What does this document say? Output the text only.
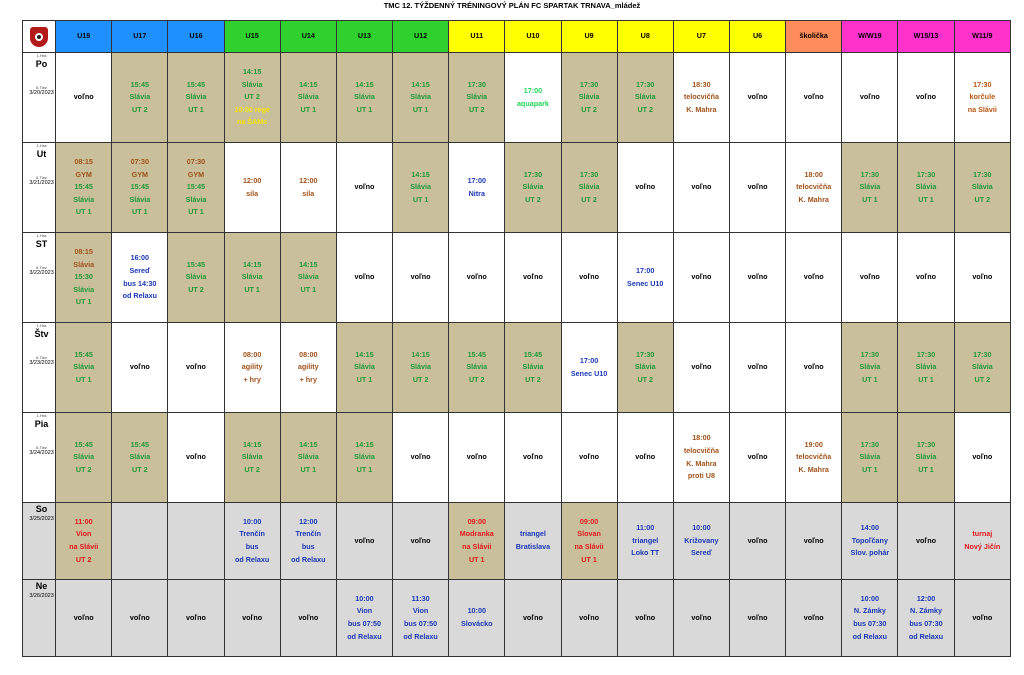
TMC 12. TÝŽDENNÝ TRÉNINGOVÝ PLÁN FC SPARTAK TRNAVA_mládež
	U19	U17	U16	U15	U14	U13	U12	U11	U10	U9	U8	U7	U6	školička	W/W19	W15/13	W11/9

1.Hra
Po
6.Tiez
3/20/2023	voľno	15:45
Slávia
UT 2	15:45
Slávia
UT 1	14:15
Slávia
UT 2
10:00 rege
na ŠAMs	14:15
Slávia
UT 1	14:15
Slávia
UT 1	14:15
Slávia
UT 1	17:30
Slávia
UT 2	17:00
aquapark	17:30
Slávia
UT 2	17:30
Slávia
UT 2	18:30
telocvičňa
K. Mahra	voľno	voľno	voľno	voľno	17:30
korčule
na Slávii

1.Hra
Ut
6.Tiez
3/21/2023	08:15
GYM
15:45
Slávia
UT 1	07:30
GYM
15:45
Slávia
UT 1	07:30
GYM
15:45
Slávia
UT 1	12:00
sila	12:00
sila	voľno	14:15
Slávia
UT 1	17:00
Nitra	17:30
Slávia
UT 2	17:30
Slávia
UT 2	voľno	voľno	voľno	18:00
telocvičňa
K. Mahra	17:30
Slávia
UT 1	17:30
Slávia
UT 1	17:30
Slávia
UT 2

1.Hra
ST
6.Tiez
3/22/2023	08:15
Slávia
15:30
Slávia
UT 1	16:00
Sereď
bus 14:30
od Relaxu	15:45
Slávia
UT 2	14:15
Slávia
UT 1	14:15
Slávia
UT 1	voľno	voľno	voľno	voľno	voľno	17:00
Senec U10	voľno	voľno	voľno	voľno	voľno	voľno

1.Hra
Štv
6.Tiez
3/23/2023	15:45
Slávia
UT 1	voľno	voľno	08:00
agility
+ hry	08:00
agility
+ hry	14:15
Slávia
UT 1	14:15
Slávia
UT 2	15:45
Slávia
UT 2	15:45
Slávia
UT 2	17:00
Senec U10	17:30
Slávia
UT 2	voľno	voľno	voľno	17:30
Slávia
UT 1	17:30
Slávia
UT 1	17:30
Slávia
UT 2

1.Hra
Pia
6.Tiez
3/24/2023	15:45
Slávia
UT 2	15:45
Slávia
UT 2	voľno	14:15
Slávia
UT 2	14:15
Slávia
UT 1	14:15
Slávia
UT 1	voľno	voľno	voľno	voľno	voľno	18:00
telocvičňa
K. Mahra
proti U8	voľno	19:00
telocvičňa
K. Mahra	17:30
Slávia
UT 1	17:30
Slávia
UT 1	voľno

So
3/25/2023	11:00
Vion
na Slávii
UT 2			10:00
Trenčín
bus
od Relaxu	12:00
Trenčín
bus
od Relaxu	voľno	voľno	09:00
Modranka
na Slávii
UT 1	triangel
Bratislava	09:00
Slovan
na Slávii
UT 1	11:00
triangel
Loko TT	10:00
Križovany
Sereď	voľno	voľno	14:00
Topoľčany
Slov. pohár	voľno	turnaj
Nový Jičín

Ne
3/26/2023	voľno	voľno	voľno	voľno	voľno	10:00
Vion
bus 07:50
od Relaxu	11:30
Vion
bus 07:50
od Relaxu	10:00
Slovácko	voľno	voľno	voľno	voľno	voľno	voľno	10:00
N. Zámky
bus 07:30
od Relaxu	12:00
N. Zámky
bus 07:30
od Relaxu	voľno
